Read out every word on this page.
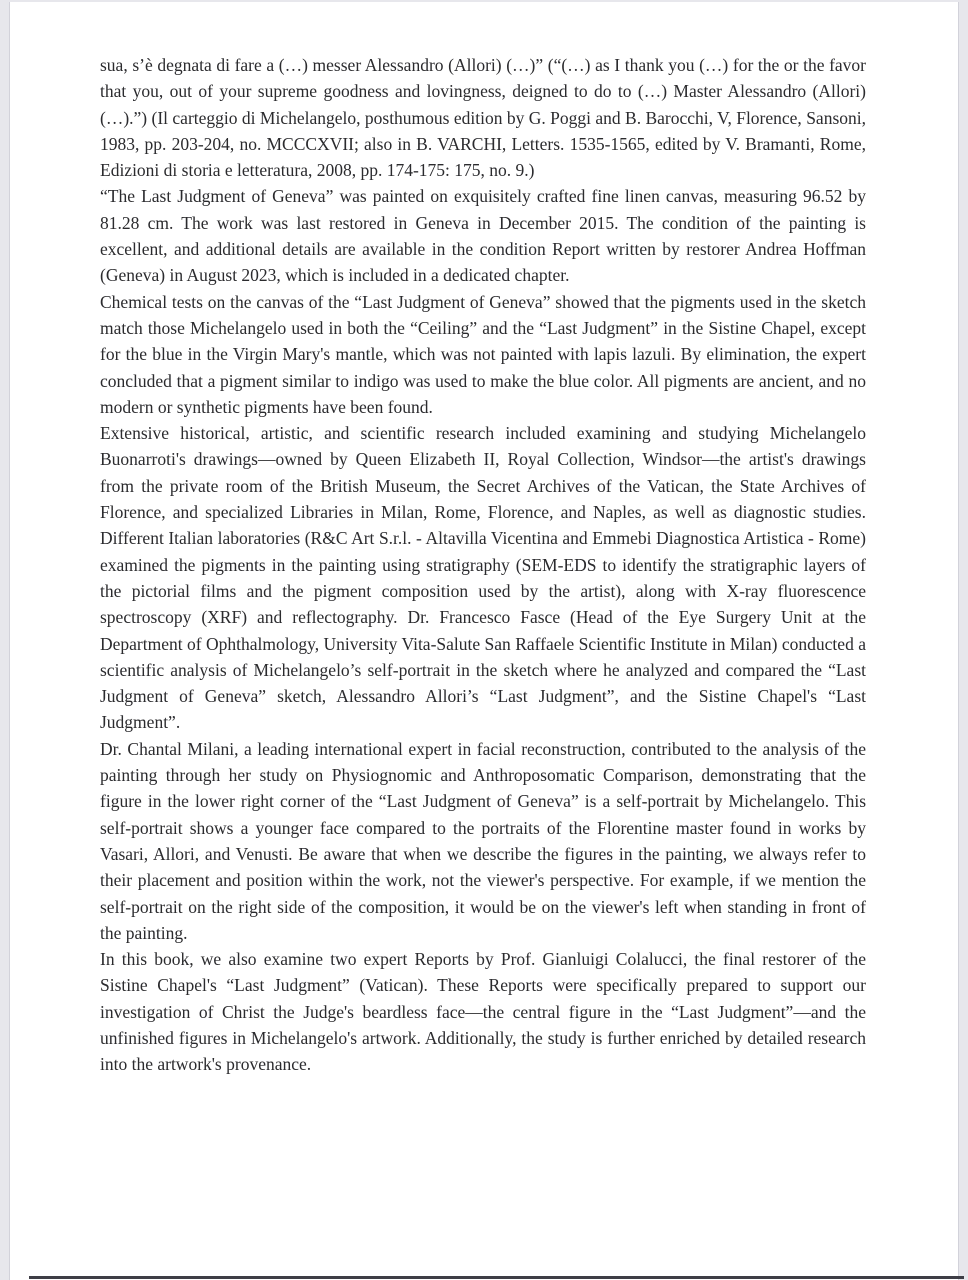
sua, s’è degnata di fare a (…) messer Alessandro (Allori) (…)” (“(…) as I thank you (…) for the or the favor that you, out of your supreme goodness and lovingness, deigned to do to (…) Master Alessandro (Allori) (…).”) (Il carteggio di Michelangelo, posthumous edition by G. Poggi and B. Barocchi, V, Florence, Sansoni, 1983, pp. 203-204, no. MCCCXVII; also in B. VARCHI, Letters. 1535-1565, edited by V. Bramanti, Rome, Edizioni di storia e letteratura, 2008, pp. 174-175: 175, no. 9.)

“The Last Judgment of Geneva” was painted on exquisitely crafted fine linen canvas, measuring 96.52 by 81.28 cm. The work was last restored in Geneva in December 2015. The condition of the painting is excellent, and additional details are available in the condition Report written by restorer Andrea Hoffman (Geneva) in August 2023, which is included in a dedicated chapter.

Chemical tests on the canvas of the “Last Judgment of Geneva” showed that the pigments used in the sketch match those Michelangelo used in both the “Ceiling” and the “Last Judgment” in the Sistine Chapel, except for the blue in the Virgin Mary's mantle, which was not painted with lapis lazuli. By elimination, the expert concluded that a pigment similar to indigo was used to make the blue color. All pigments are ancient, and no modern or synthetic pigments have been found.

Extensive historical, artistic, and scientific research included examining and studying Michelangelo Buonarroti's drawings—owned by Queen Elizabeth II, Royal Collection, Windsor—the artist's drawings from the private room of the British Museum, the Secret Archives of the Vatican, the State Archives of Florence, and specialized Libraries in Milan, Rome, Florence, and Naples, as well as diagnostic studies. Different Italian laboratories (R&C Art S.r.l. - Altavilla Vicentina and Emmebi Diagnostica Artistica - Rome) examined the pigments in the painting using stratigraphy (SEM-EDS to identify the stratigraphic layers of the pictorial films and the pigment composition used by the artist), along with X-ray fluorescence spectroscopy (XRF) and reflectography. Dr. Francesco Fasce (Head of the Eye Surgery Unit at the Department of Ophthalmology, University Vita-Salute San Raffaele Scientific Institute in Milan) conducted a scientific analysis of Michelangelo’s self-portrait in the sketch where he analyzed and compared the “Last Judgment of Geneva” sketch, Alessandro Allori’s “Last Judgment”, and the Sistine Chapel's “Last Judgment”.

Dr. Chantal Milani, a leading international expert in facial reconstruction, contributed to the analysis of the painting through her study on Physiognomic and Anthroposomatic Comparison, demonstrating that the figure in the lower right corner of the “Last Judgment of Geneva” is a self-portrait by Michelangelo. This self-portrait shows a younger face compared to the portraits of the Florentine master found in works by Vasari, Allori, and Venusti. Be aware that when we describe the figures in the painting, we always refer to their placement and position within the work, not the viewer's perspective. For example, if we mention the self-portrait on the right side of the composition, it would be on the viewer's left when standing in front of the painting.

In this book, we also examine two expert Reports by Prof. Gianluigi Colalucci, the final restorer of the Sistine Chapel's “Last Judgment” (Vatican). These Reports were specifically prepared to support our investigation of Christ the Judge's beardless face—the central figure in the “Last Judgment”—and the unfinished figures in Michelangelo's artwork. Additionally, the study is further enriched by detailed research into the artwork's provenance.
